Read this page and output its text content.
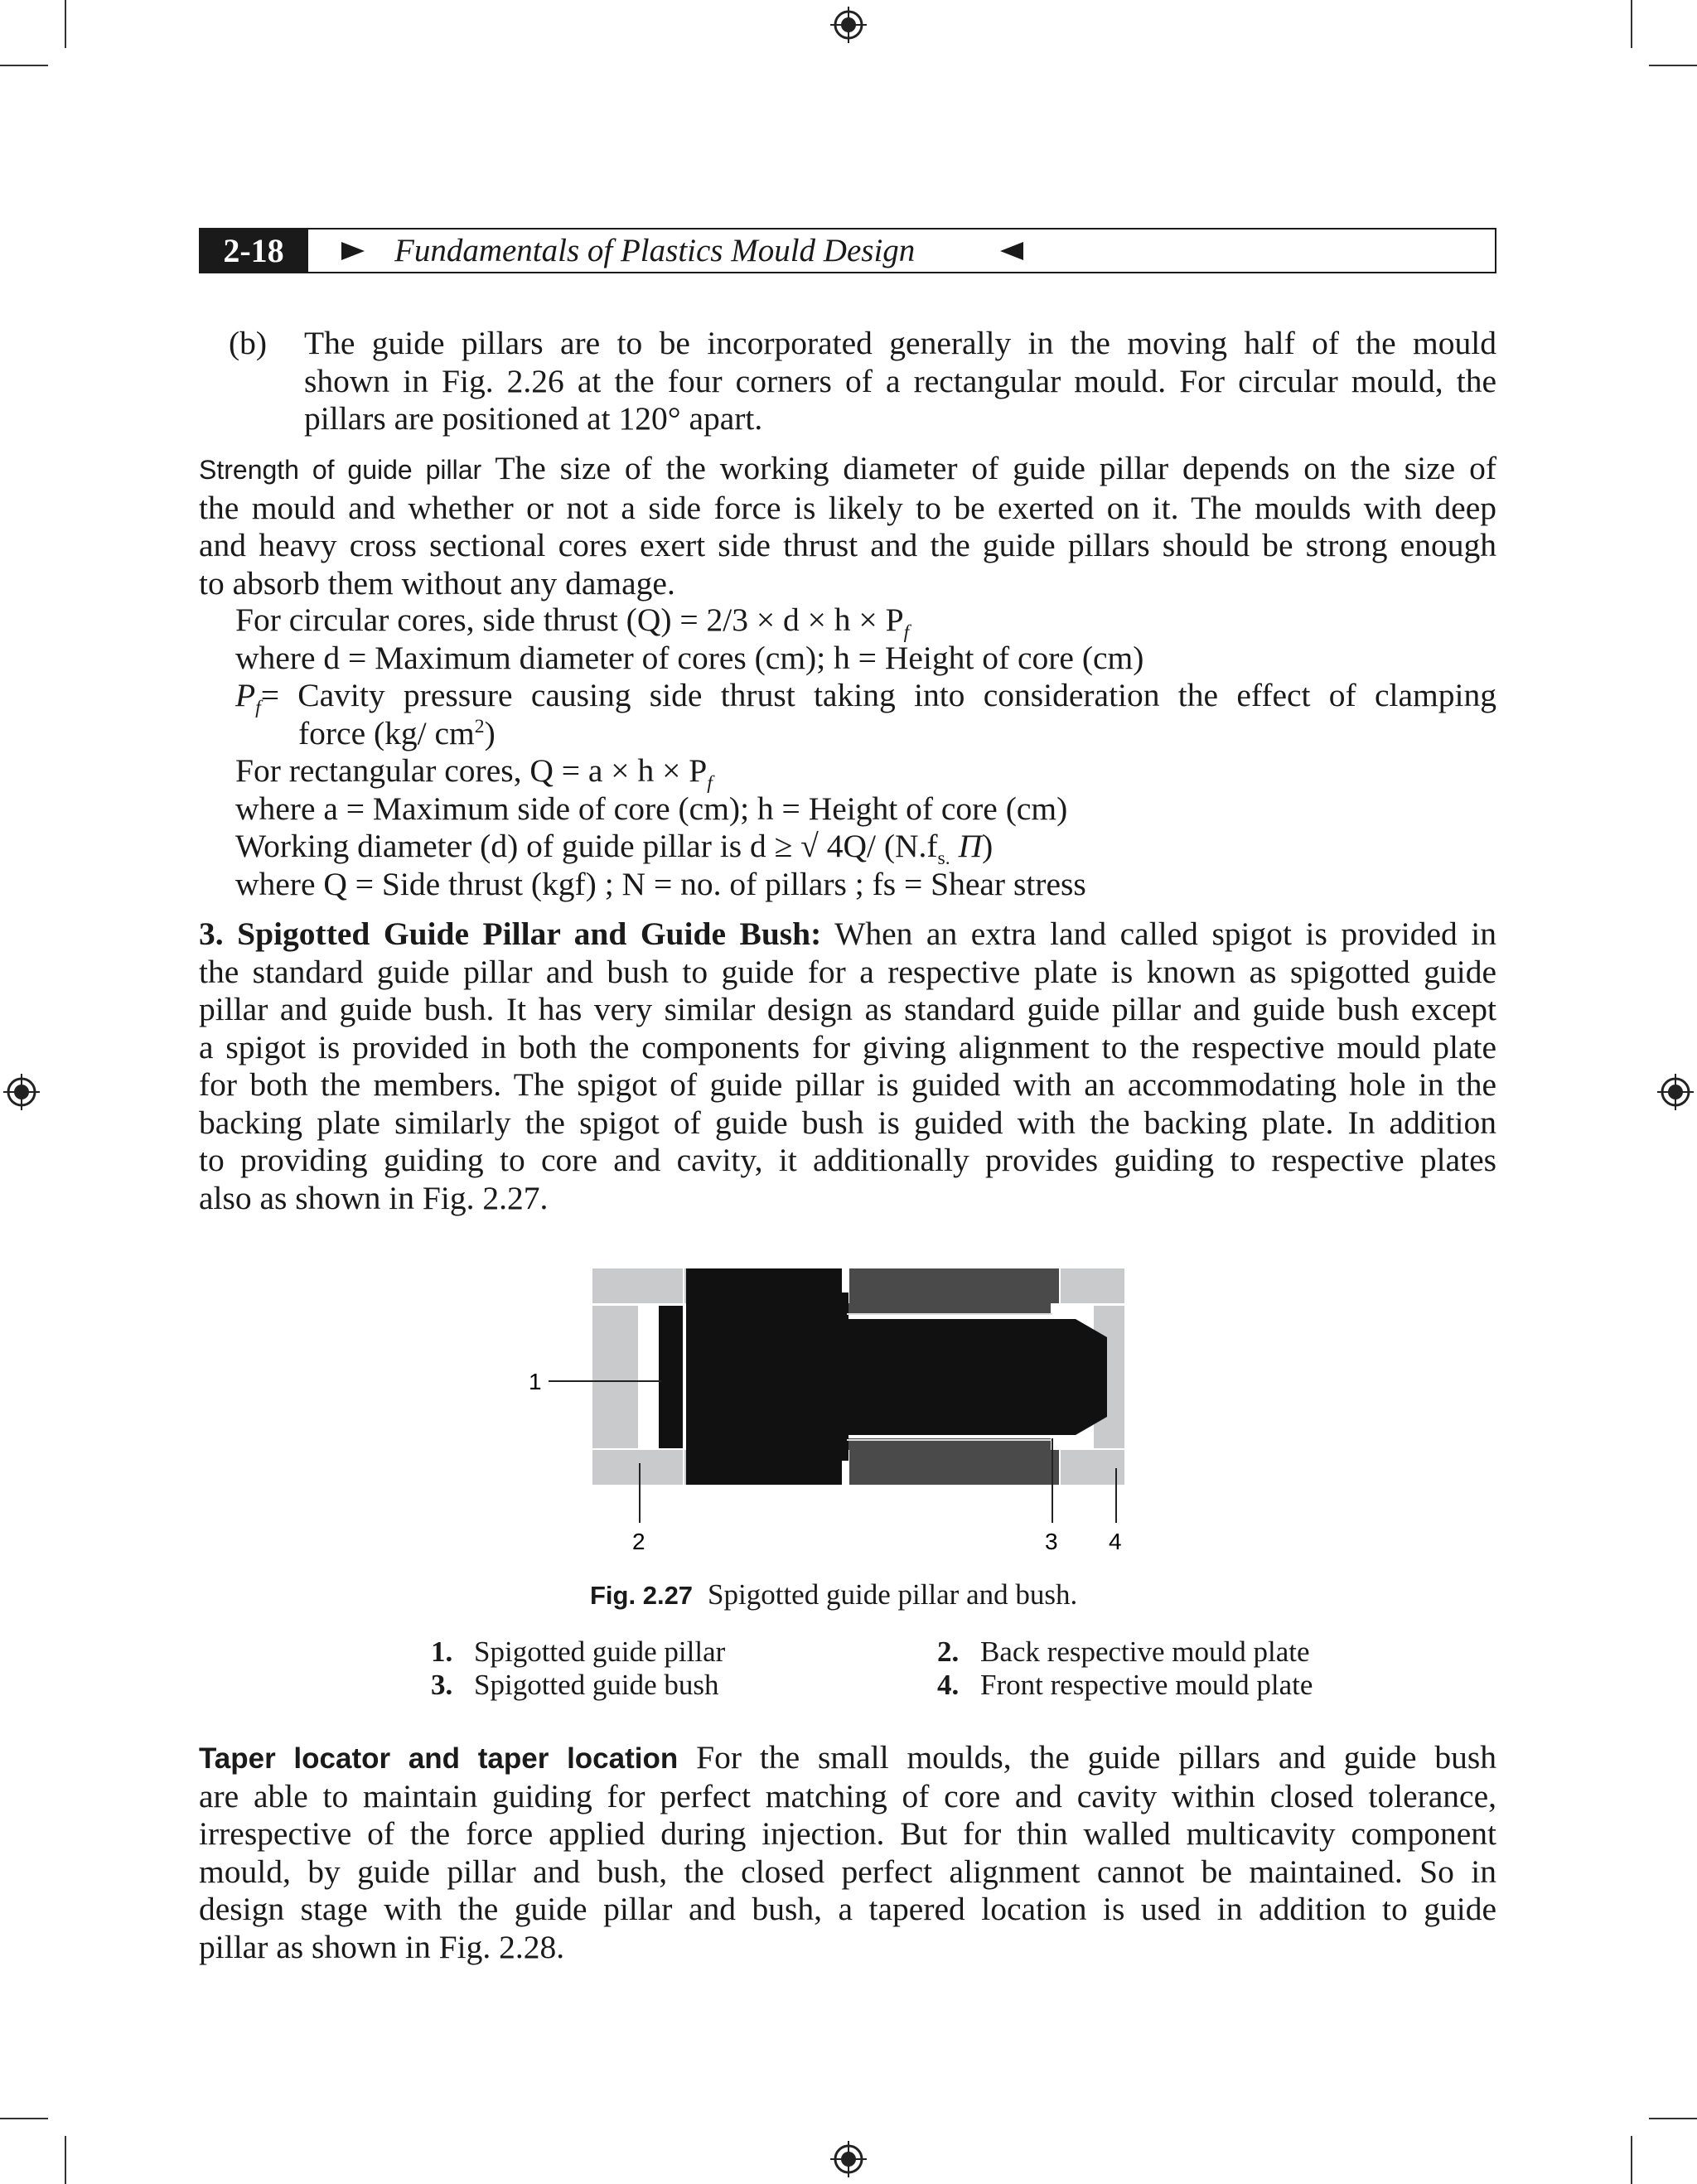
2-18	Fundamentals of Plastics Mould Design
(b) The guide pillars are to be incorporated generally in the moving half of the mould
shown in Fig. 2.26 at the four corners of a rectangular mould. For circular mould, the
pillars are positioned at 120° apart.
Strength of guide pillar The size of the working diameter of guide pillar depends on the size of
the mould and whether or not a side force is likely to be exerted on it. The moulds with deep
and heavy cross sectional cores exert side thrust and the guide pillars should be strong enough
to absorb them without any damage.
For circular cores, side thrust $(Q) = 2/3 \times d \times h \times P_f$
where d = Maximum diameter of cores (cm); h = Height of core (cm)
$P_f=$ Cavity pressure causing side thrust taking into consideration the effect of clamping
force (kg/ $cm^2$)
For rectangular cores, $Q = a \times h \times P_f$
where a = Maximum side of core (cm); h = Height of core (cm)
Working diameter (d) of guide pillar is d ≥ √ 4Q/ ($N.f_{s.}$ Π)
where Q = Side thrust (kgf) ; N = no. of pillars ; fs = Shear stress
3. Spigotted Guide Pillar and Guide Bush: When an extra land called spigot is provided in
the standard guide pillar and bush to guide for a respective plate is known as spigotted guide
pillar and guide bush. It has very similar design as standard guide pillar and guide bush except
a spigot is provided in both the components for giving alignment to the respective mould plate
for both the members. The spigot of guide pillar is guided with an accommodating hole in the
backing plate similarly the spigot of guide bush is guided with the backing plate. In addition
to providing guiding to core and cavity, it additionally provides guiding to respective plates
also as shown in Fig. 2.27.
1
2	3 4
Fig. 2.27 Spigotted guide pillar and bush.
1. Spigotted guide pillar	2. Back respective mould plate
3. Spigotted guide bush	4. Front respective mould plate
Taper locator and taper location For the small moulds, the guide pillars and guide bush
are able to maintain guiding for perfect matching of core and cavity within closed tolerance,
irrespective of the force applied during injection. But for thin walled multicavity component
mould, by guide pillar and bush, the closed perfect alignment cannot be maintained. So in
design stage with the guide pillar and bush, a tapered location is used in addition to guide
pillar as shown in Fig. 2.28.
